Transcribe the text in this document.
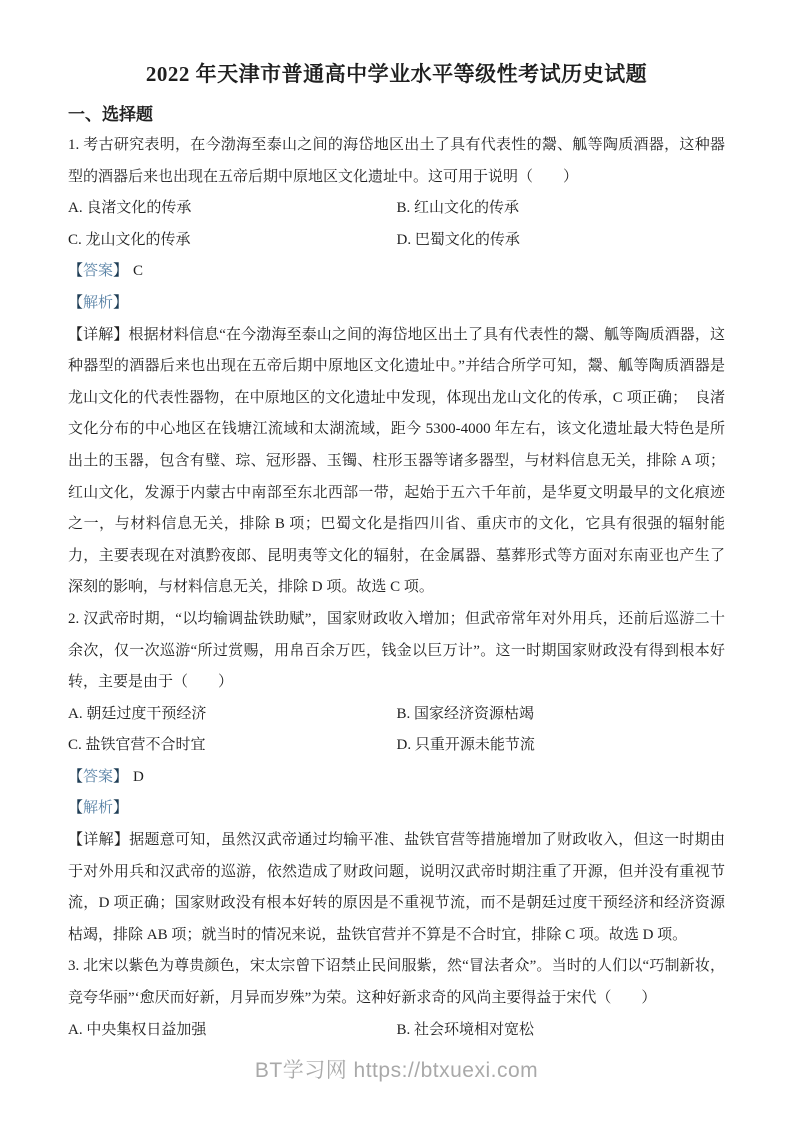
2022 年天津市普通高中学业水平等级性考试历史试题
一、选择题

1. 考古研究表明，在今渤海至泰山之间的海岱地区出土了具有代表性的鬶、觚等陶质酒器，这种器型的酒器后来也出现在五帝后期中原地区文化遗址中。这可用于说明（　　）

A. 良渚文化的传承	B. 红山文化的传承
C. 龙山文化的传承	D. 巴蜀文化的传承

【答案】 C

【解析】

【详解】根据材料信息“在今渤海至泰山之间的海岱地区出土了具有代表性的鬶、觚等陶质酒器，这种器型的酒器后来也出现在五帝后期中原地区文化遗址中。”并结合所学可知，鬶、觚等陶质酒器是龙山文化的代表性器物，在中原地区的文化遗址中发现，体现出龙山文化的传承，C 项正确；　良渚文化分布的中心地区在钱塘江流域和太湖流域，距今 5300-4000 年左右，该文化遗址最大特色是所出土的玉器，包含有璧、琮、冠形器、玉镯、柱形玉器等诸多器型，与材料信息无关，排除 A 项；红山文化，发源于内蒙古中南部至东北西部一带，起始于五六千年前，是华夏文明最早的文化痕迹之一，与材料信息无关，排除 B 项；巴蜀文化是指四川省、重庆市的文化，它具有很强的辐射能力，主要表现在对滇黔夜郎、昆明夷等文化的辐射，在金属器、墓葬形式等方面对东南亚也产生了深刻的影响，与材料信息无关，排除 D 项。故选 C 项。

2. 汉武帝时期，“以均输调盐铁助赋”，国家财政收入增加；但武帝常年对外用兵，还前后巡游二十余次，仅一次巡游“所过赏赐，用帛百余万匹，钱金以巨万计”。这一时期国家财政没有得到根本好转，主要是由于（　　）

A. 朝廷过度干预经济	B. 国家经济资源枯竭
C. 盐铁官营不合时宜	D. 只重开源未能节流

【答案】 D

【解析】

【详解】据题意可知，虽然汉武帝通过均输平准、盐铁官营等措施增加了财政收入，但这一时期由于对外用兵和汉武帝的巡游，依然造成了财政问题，说明汉武帝时期注重了开源，但并没有重视节流，D 项正确；国家财政没有根本好转的原因是不重视节流，而不是朝廷过度干预经济和经济资源枯竭，排除 AB 项；就当时的情况来说，盐铁官营并不算是不合时宜，排除 C 项。故选 D 项。

3. 北宋以紫色为尊贵颜色，宋太宗曾下诏禁止民间服紫，然“冒法者众”。当时的人们以“巧制新妆，竞夸华丽”‘愈厌而好新，月异而岁殊”为荣。这种好新求奇的风尚主要得益于宋代（　　）

A. 中央集权日益加强	B. 社会环境相对宽松
BT学习网 https://btxuexi.com
